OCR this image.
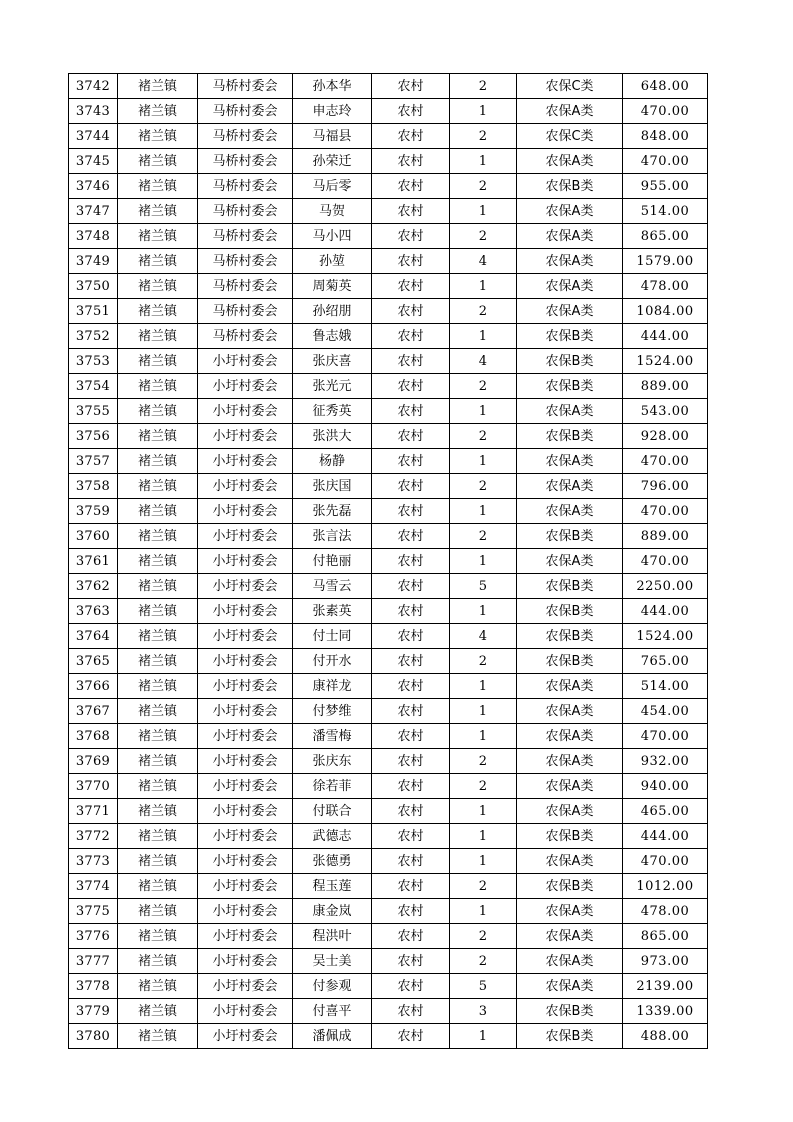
3742	褚兰镇	马桥村委会	孙本华	农村	2	农保C类	648.00
3743	褚兰镇	马桥村委会	申志玲	农村	1	农保A类	470.00
3744	褚兰镇	马桥村委会	马福县	农村	2	农保C类	848.00
3745	褚兰镇	马桥村委会	孙荣迁	农村	1	农保A类	470.00
3746	褚兰镇	马桥村委会	马后零	农村	2	农保B类	955.00
3747	褚兰镇	马桥村委会	马贺	农村	1	农保A类	514.00
3748	褚兰镇	马桥村委会	马小四	农村	2	农保A类	865.00
3749	褚兰镇	马桥村委会	孙堃	农村	4	农保A类	1579.00
3750	褚兰镇	马桥村委会	周菊英	农村	1	农保A类	478.00
3751	褚兰镇	马桥村委会	孙绍朋	农村	2	农保A类	1084.00
3752	褚兰镇	马桥村委会	鲁志娥	农村	1	农保B类	444.00
3753	褚兰镇	小圩村委会	张庆喜	农村	4	农保B类	1524.00
3754	褚兰镇	小圩村委会	张光元	农村	2	农保B类	889.00
3755	褚兰镇	小圩村委会	征秀英	农村	1	农保A类	543.00
3756	褚兰镇	小圩村委会	张洪大	农村	2	农保B类	928.00
3757	褚兰镇	小圩村委会	杨静	农村	1	农保A类	470.00
3758	褚兰镇	小圩村委会	张庆国	农村	2	农保A类	796.00
3759	褚兰镇	小圩村委会	张先磊	农村	1	农保A类	470.00
3760	褚兰镇	小圩村委会	张言法	农村	2	农保B类	889.00
3761	褚兰镇	小圩村委会	付艳丽	农村	1	农保A类	470.00
3762	褚兰镇	小圩村委会	马雪云	农村	5	农保B类	2250.00
3763	褚兰镇	小圩村委会	张素英	农村	1	农保B类	444.00
3764	褚兰镇	小圩村委会	付士同	农村	4	农保B类	1524.00
3765	褚兰镇	小圩村委会	付开水	农村	2	农保B类	765.00
3766	褚兰镇	小圩村委会	康祥龙	农村	1	农保A类	514.00
3767	褚兰镇	小圩村委会	付梦维	农村	1	农保A类	454.00
3768	褚兰镇	小圩村委会	潘雪梅	农村	1	农保A类	470.00
3769	褚兰镇	小圩村委会	张庆东	农村	2	农保A类	932.00
3770	褚兰镇	小圩村委会	徐若菲	农村	2	农保A类	940.00
3771	褚兰镇	小圩村委会	付联合	农村	1	农保A类	465.00
3772	褚兰镇	小圩村委会	武德志	农村	1	农保B类	444.00
3773	褚兰镇	小圩村委会	张德勇	农村	1	农保A类	470.00
3774	褚兰镇	小圩村委会	程玉莲	农村	2	农保B类	1012.00
3775	褚兰镇	小圩村委会	康金岚	农村	1	农保A类	478.00
3776	褚兰镇	小圩村委会	程洪叶	农村	2	农保A类	865.00
3777	褚兰镇	小圩村委会	吴士美	农村	2	农保A类	973.00
3778	褚兰镇	小圩村委会	付参观	农村	5	农保A类	2139.00
3779	褚兰镇	小圩村委会	付喜平	农村	3	农保B类	1339.00
3780	褚兰镇	小圩村委会	潘佩成	农村	1	农保B类	488.00
